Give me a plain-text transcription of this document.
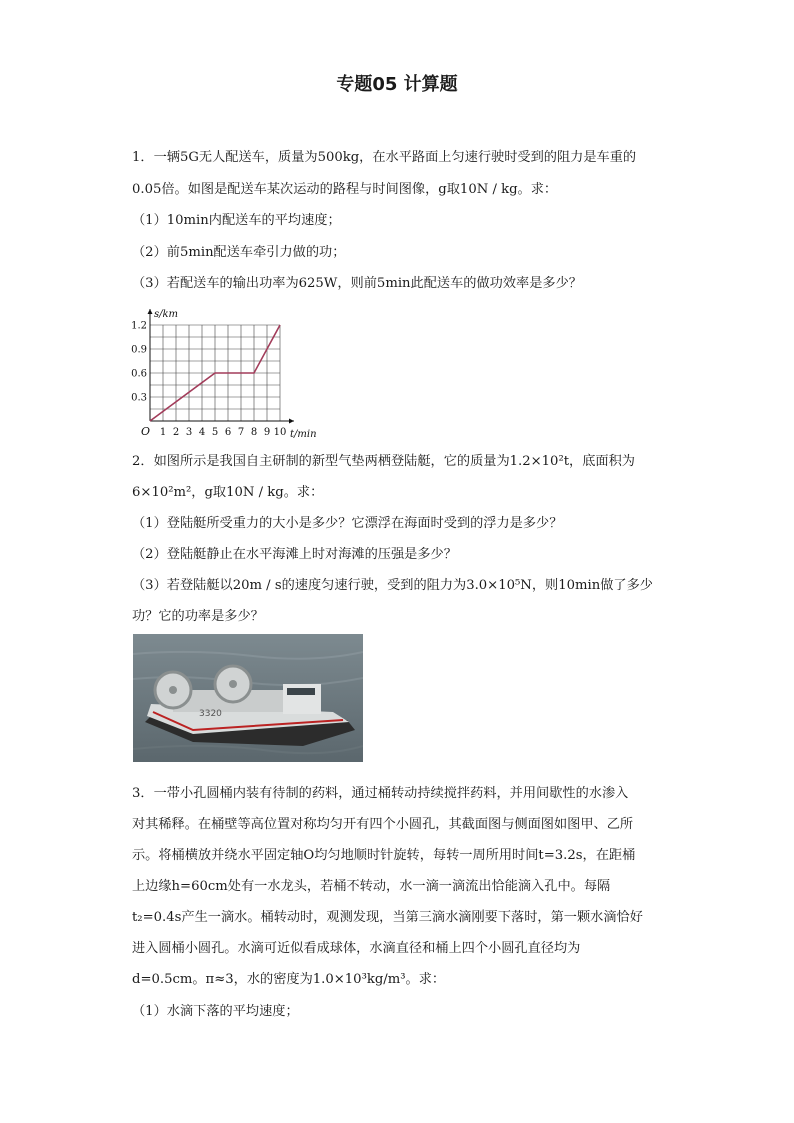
专题05 计算题
1．一辆5G无人配送车，质量为500kg，在水平路面上匀速行驶时受到的阻力是车重的
0.05倍。如图是配送车某次运动的路程与时间图像，g取10N / kg。求：
（1）10min内配送车的平均速度；
（2）前5min配送车牵引力做的功；
（3）若配送车的输出功率为625W，则前5min此配送车的做功效率是多少？
1 2 3 4 5 6 7 8 9 10
0.3
0.6
0.9
1.2
O
s/km
t/min
2．如图所示是我国自主研制的新型气垫两栖登陆艇，它的质量为1.2×10²t，底面积为
6×10²m²，g取10N / kg。求：
（1）登陆艇所受重力的大小是多少？它漂浮在海面时受到的浮力是多少？
（2）登陆艇静止在水平海滩上时对海滩的压强是多少？
（3）若登陆艇以20m / s的速度匀速行驶，受到的阻力为3.0×10⁵N，则10min做了多少
功？它的功率是多少？
3320
3．一带小孔圆桶内装有待制的药料，通过桶转动持续搅拌药料，并用间歇性的水渗入
对其稀释。在桶壁等高位置对称均匀开有四个小圆孔，其截面图与侧面图如图甲、乙所
示。将桶横放并绕水平固定轴O均匀地顺时针旋转，每转一周所用时间t=3.2s，在距桶
上边缘h=60cm处有一水龙头，若桶不转动，水一滴一滴流出恰能滴入孔中。每隔
t₂=0.4s产生一滴水。桶转动时，观测发现，当第三滴水滴刚要下落时，第一颗水滴恰好
进入圆桶小圆孔。水滴可近似看成球体，水滴直径和桶上四个小圆孔直径均为
d=0.5cm。π≈3，水的密度为1.0×10³kg/m³。求：
（1）水滴下落的平均速度；
